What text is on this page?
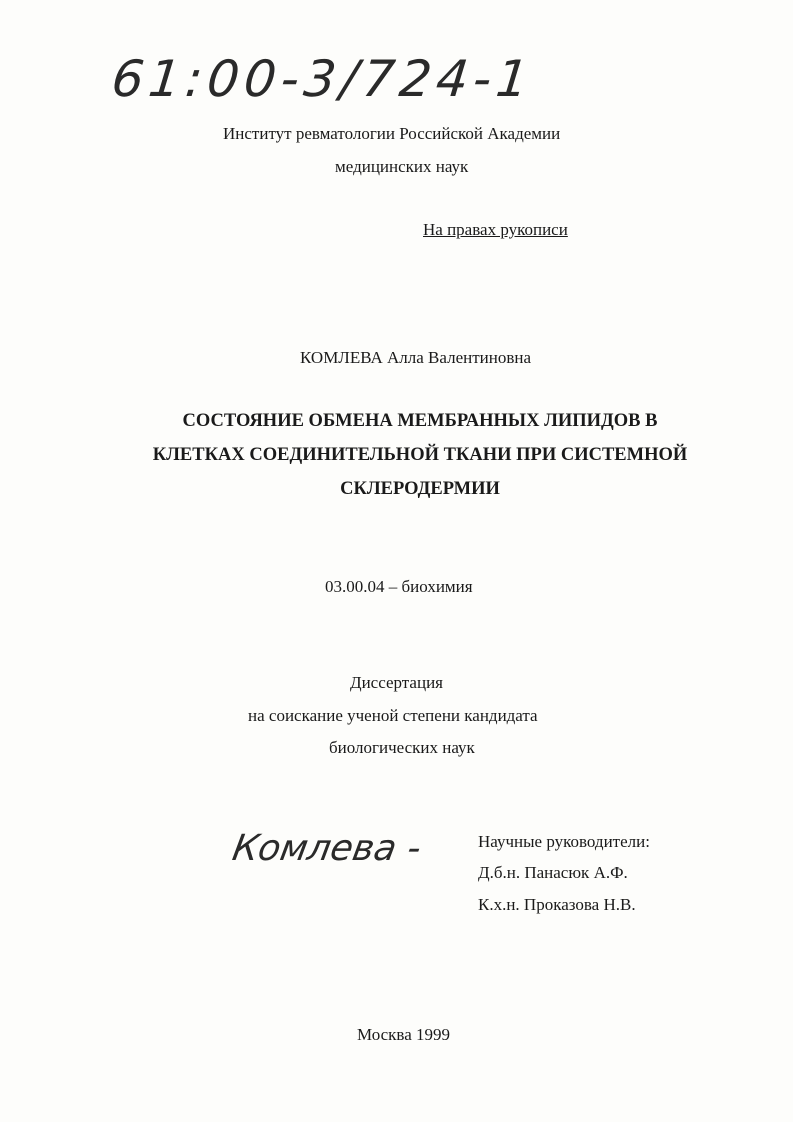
61:00-3/724-1
Институт ревматологии Российской Академии
медицинских наук
На правах рукописи
КОМЛЕВА Алла Валентиновна
СОСТОЯНИЕ ОБМЕНА МЕМБРАННЫХ ЛИПИДОВ В
КЛЕТКАХ СОЕДИНИТЕЛЬНОЙ ТКАНИ ПРИ СИСТЕМНОЙ
СКЛЕРОДЕРМИИ
03.00.04 – биохимия
Диссертация
на соискание ученой степени кандидата
биологических наук
Комлева -	Научные руководители:
Д.б.н. Панасюк А.Ф.
К.х.н. Проказова Н.В.
Москва 1999
